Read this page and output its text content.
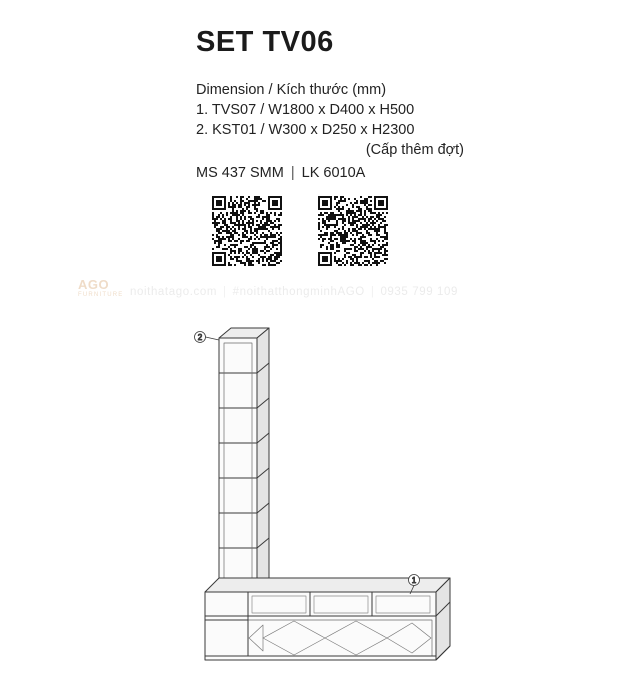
SET TV06
Dimension / Kích thước (mm)
1. TVS07 / W1800 x D400 x H500
2. KST01 / W300 x D250 x H2300
(Cấp thêm đợt)
MS 437 SMM | LK 6010A
AGO
FURNITURE noithatago.com | #noithatthongminhAGO | 0935 799 109
2
1
